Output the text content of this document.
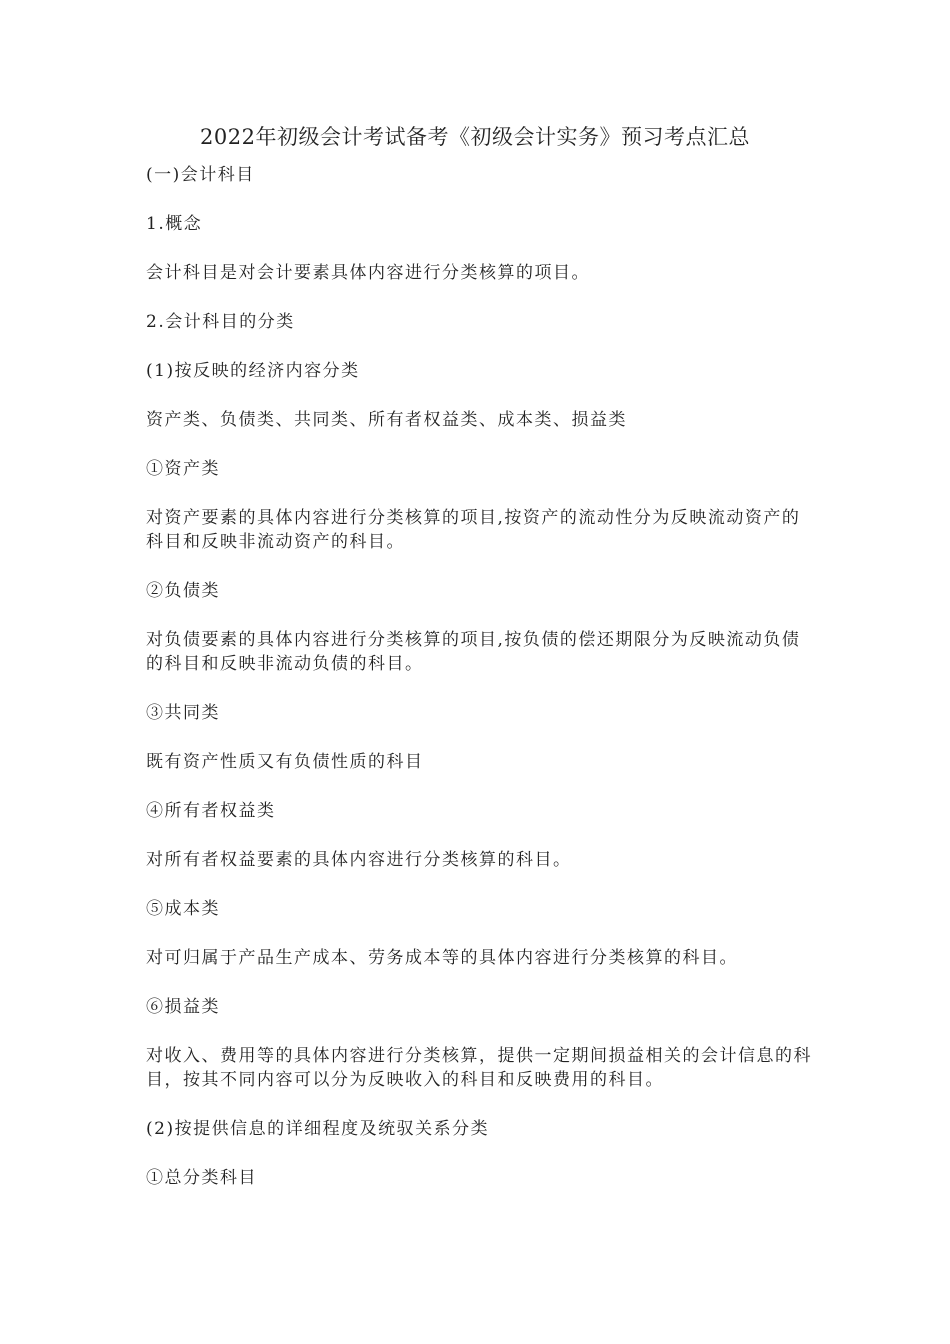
2022年初级会计考试备考《初级会计实务》预习考点汇总

(一)会计科目

1.概念

会计科目是对会计要素具体内容进行分类核算的项目。

2.会计科目的分类

(1)按反映的经济内容分类

资产类、负债类、共同类、所有者权益类、成本类、损益类

①资产类

对资产要素的具体内容进行分类核算的项目,按资产的流动性分为反映流动资产的科目和反映非流动资产的科目。

②负债类

对负债要素的具体内容进行分类核算的项目,按负债的偿还期限分为反映流动负债的科目和反映非流动负债的科目。

③共同类

既有资产性质又有负债性质的科目

④所有者权益类

对所有者权益要素的具体内容进行分类核算的科目。

⑤成本类

对可归属于产品生产成本、劳务成本等的具体内容进行分类核算的科目。

⑥损益类

对收入、费用等的具体内容进行分类核算，提供一定期间损益相关的会计信息的科目，按其不同内容可以分为反映收入的科目和反映费用的科目。

(2)按提供信息的详细程度及统驭关系分类

①总分类科目
